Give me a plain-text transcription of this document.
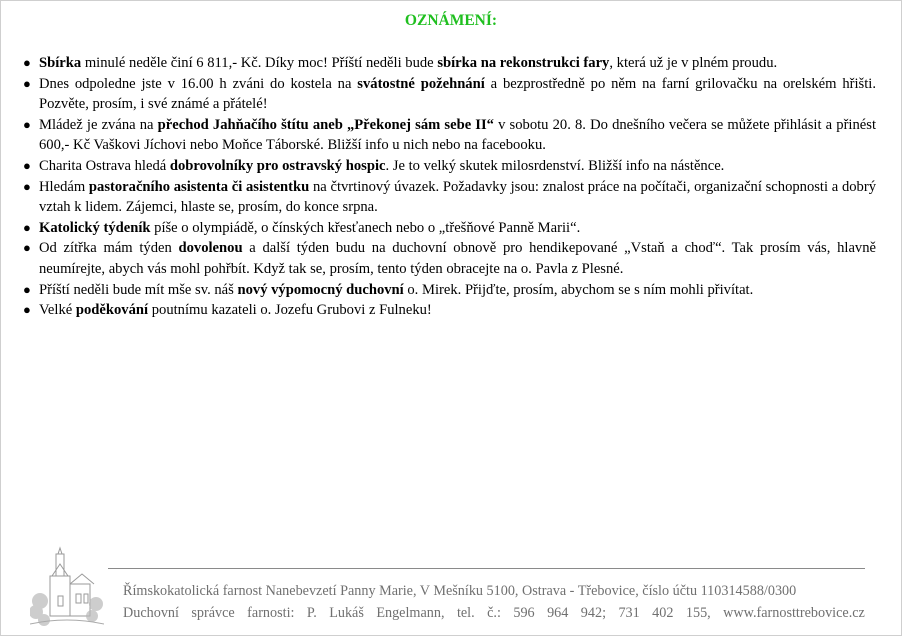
OZNÁMENÍ:
● Sbírka minulé neděle činí 6 811,- Kč. Díky moc! Příští neděli bude sbírka na rekonstrukci fary, která už je v plném proudu.
● Dnes odpoledne jste v 16.00 h zváni do kostela na svátostné požehnání a bezprostředně po něm na farní grilovačku na orelském hřišti. Pozvěte, prosím, i své známé a přátelé!
● Mládež je zvána na přechod Jahňačího štítu aneb „Překonej sám sebe II“ v sobotu 20. 8. Do dnešního večera se můžete přihlásit a přinést 600,- Kč Vaškovi Jíchovi nebo Moňce Táborské. Bližší info u nich nebo na facebooku.
● Charita Ostrava hledá dobrovolníky pro ostravský hospic. Je to velký skutek milosrdenství. Bližší info na nástěnce.
● Hledám pastoračního asistenta či asistentku na čtvrtinový úvazek. Požadavky jsou: znalost práce na počítači, organizační schopnosti a dobrý vztah k lidem. Zájemci, hlaste se, prosím, do konce srpna.
● Katolický týdeník píše o olympiádě, o čínských křesťanech nebo o „třešňové Panně Marii“.
● Od zítřka mám týden dovolenou a další týden budu na duchovní obnově pro hendikepované „Vstaň a choď“. Tak prosím vás, hlavně neumírejte, abych vás mohl pohřbít. Když tak se, prosím, tento týden obracejte na o. Pavla z Plesné.
● Příští neděli bude mít mše sv. náš nový výpomocný duchovní o. Mirek. Přijďte, prosím, abychom se s ním mohli přivítat.
● Velké poděkování poutnímu kazateli o. Jozefu Grubovi z Fulneku!
Římskokatolická farnost Nanebevzetí Panny Marie, V Mešníku 5100, Ostrava - Třebovice, číslo účtu 110314588/0300
Duchovní správce farnosti: P. Lukáš Engelmann, tel. č.: 596 964 942; 731 402 155, www.farnosttrebovice.cz
